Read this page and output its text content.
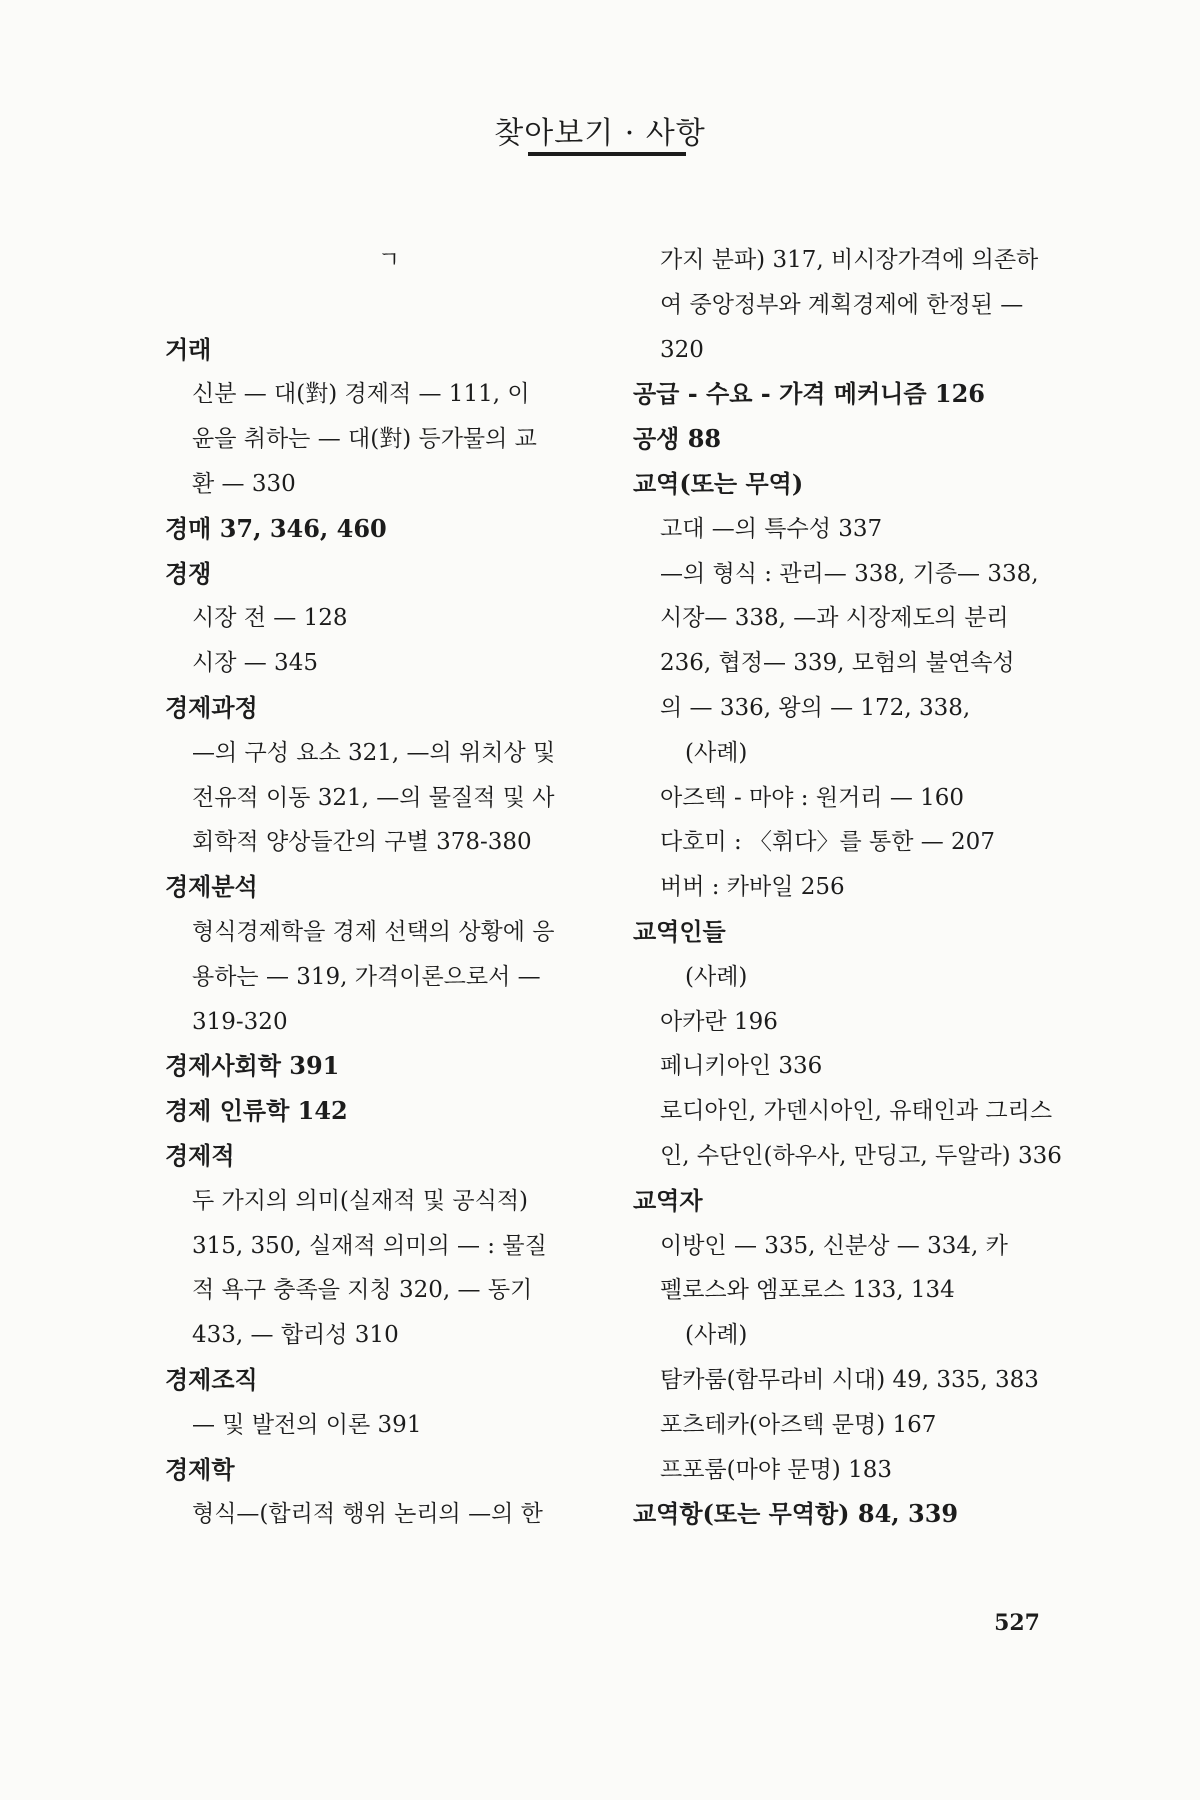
찾아보기 · 사항
ㄱ
거래
신분 — 대(對) 경제적 — 111, 이
윤을 취하는 — 대(對) 등가물의 교
환 — 330
경매 37, 346, 460
경쟁
시장 전 — 128
시장 — 345
경제과정
—의 구성 요소 321, —의 위치상 및
전유적 이동 321, —의 물질적 및 사
회학적 양상들간의 구별 378-380
경제분석
형식경제학을 경제 선택의 상황에 응
용하는 — 319, 가격이론으로서 —
319-320
경제사회학 391
경제 인류학 142
경제적
두 가지의 의미(실재적 및 공식적)
315, 350, 실재적 의미의 — : 물질
적 욕구 충족을 지칭 320, — 동기
433, — 합리성 310
경제조직
— 및 발전의 이론 391
경제학
형식—(합리적 행위 논리의 —의 한
가지 분파) 317, 비시장가격에 의존하
여 중앙정부와 계획경제에 한정된 —
320
공급 - 수요 - 가격 메커니즘 126
공생 88
교역(또는 무역)
고대 —의 특수성 337
—의 형식 : 관리— 338, 기증— 338,
시장— 338, —과 시장제도의 분리
236, 협정— 339, 모험의 불연속성
의 — 336, 왕의 — 172, 338,
(사례)
아즈텍 - 마야 : 원거리 — 160
다호미 : 〈휘다〉를 통한 — 207
버버 : 카바일 256
교역인들
(사례)
아카란 196
페니키아인 336
로디아인, 가덴시아인, 유태인과 그리스
인, 수단인(하우사, 만딩고, 두알라) 336
교역자
이방인 — 335, 신분상 — 334, 카
펠로스와 엠포로스 133, 134
(사례)
탐카룸(함무라비 시대) 49, 335, 383
포츠테카(아즈텍 문명) 167
프포룸(마야 문명) 183
교역항(또는 무역항) 84, 339
527
